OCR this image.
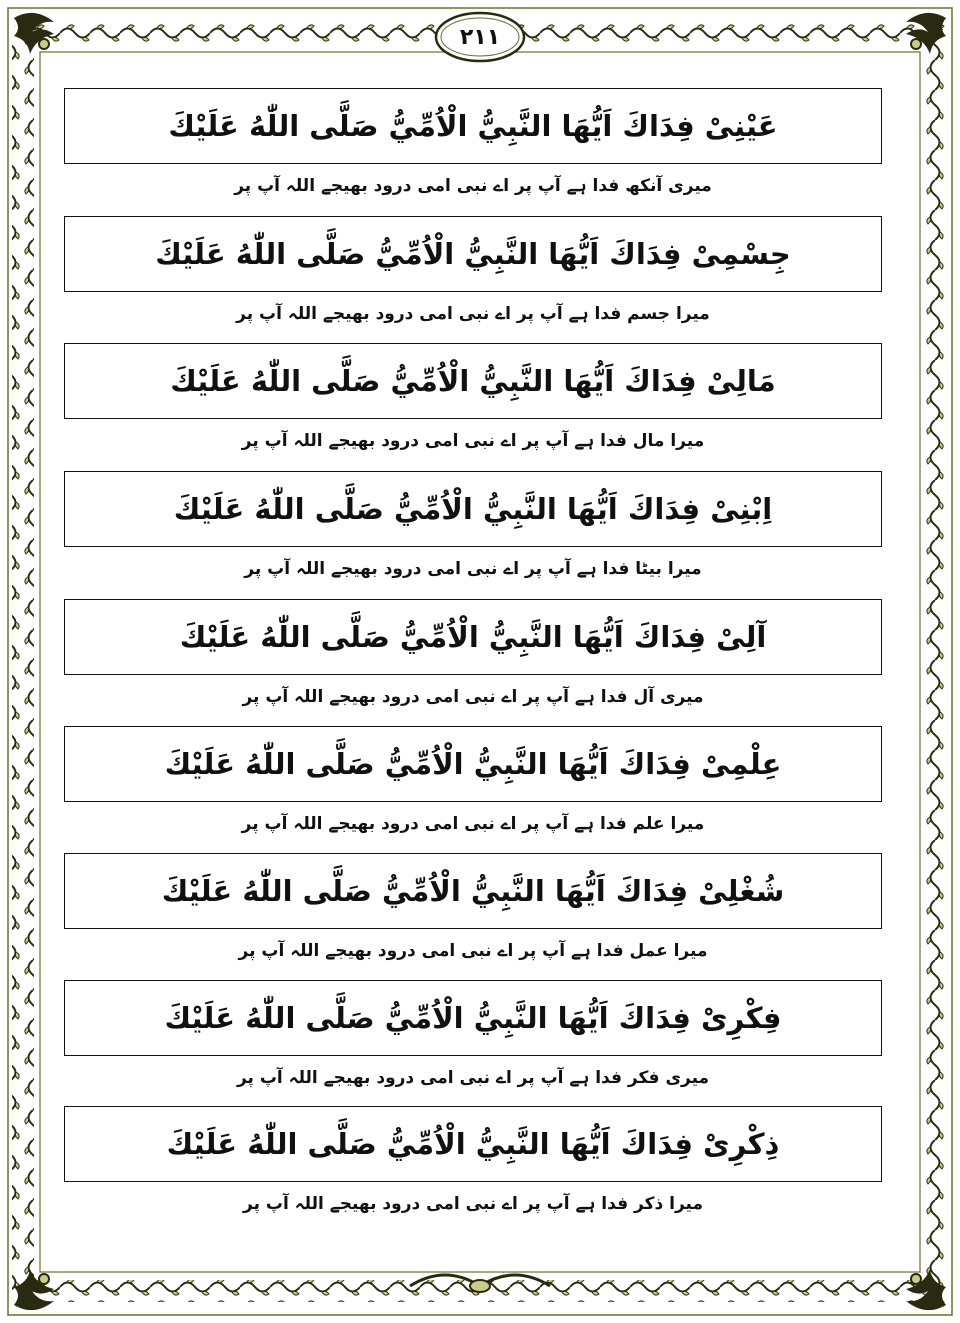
۲۱۱
عَيْنِىْ فِدَاكَ اَيُّهَا النَّبِيُّ الْاُمِّيُّ صَلَّى اللّٰهُ عَلَيْكَ
میری آنکھ فدا ہے آپ پر اے نبی امی درود بھیجے اللہ آپ پر
جِسْمِىْ فِدَاكَ اَيُّهَا النَّبِيُّ الْاُمِّيُّ صَلَّى اللّٰهُ عَلَيْكَ
میرا جسم فدا ہے آپ پر اے نبی امی درود بھیجے اللہ آپ پر
مَالِىْ فِدَاكَ اَيُّهَا النَّبِيُّ الْاُمِّيُّ صَلَّى اللّٰهُ عَلَيْكَ
میرا مال فدا ہے آپ پر اے نبی امی درود بھیجے اللہ آپ پر
اِبْنِىْ فِدَاكَ اَيُّهَا النَّبِيُّ الْاُمِّيُّ صَلَّى اللّٰهُ عَلَيْكَ
میرا بیٹا فدا ہے آپ پر اے نبی امی درود بھیجے اللہ آپ پر
آلِىْ فِدَاكَ اَيُّهَا النَّبِيُّ الْاُمِّيُّ صَلَّى اللّٰهُ عَلَيْكَ
میری آل فدا ہے آپ پر اے نبی امی درود بھیجے اللہ آپ پر
عِلْمِىْ فِدَاكَ اَيُّهَا النَّبِيُّ الْاُمِّيُّ صَلَّى اللّٰهُ عَلَيْكَ
میرا علم فدا ہے آپ پر اے نبی امی درود بھیجے اللہ آپ پر
شُغْلِىْ فِدَاكَ اَيُّهَا النَّبِيُّ الْاُمِّيُّ صَلَّى اللّٰهُ عَلَيْكَ
میرا عمل فدا ہے آپ پر اے نبی امی درود بھیجے اللہ آپ پر
فِكْرِىْ فِدَاكَ اَيُّهَا النَّبِيُّ الْاُمِّيُّ صَلَّى اللّٰهُ عَلَيْكَ
میری فکر فدا ہے آپ پر اے نبی امی درود بھیجے اللہ آپ پر
ذِكْرِىْ فِدَاكَ اَيُّهَا النَّبِيُّ الْاُمِّيُّ صَلَّى اللّٰهُ عَلَيْكَ
میرا ذکر فدا ہے آپ پر اے نبی امی درود بھیجے اللہ آپ پر
